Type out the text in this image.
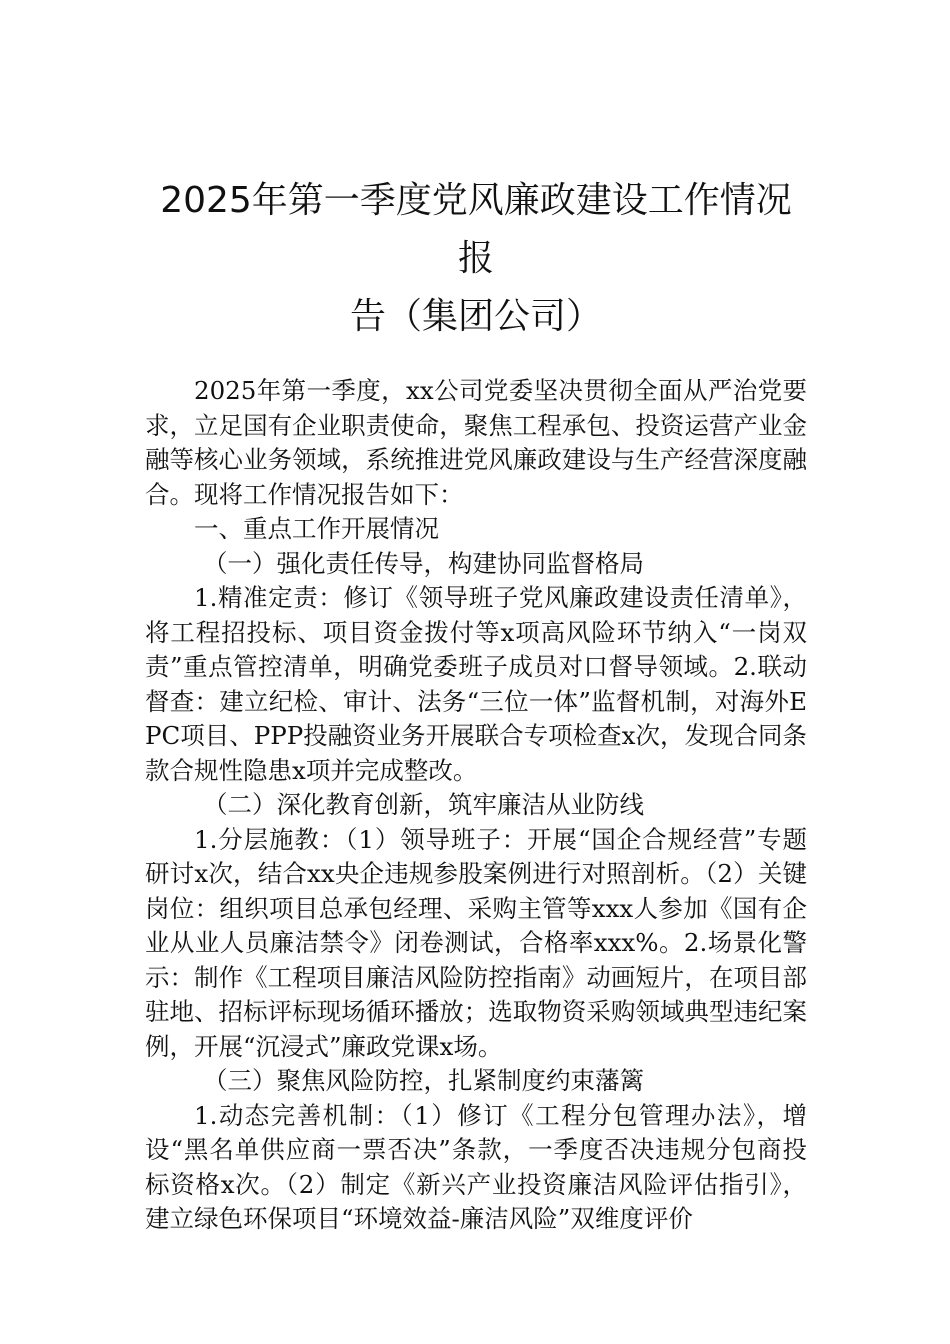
2025年第一季度党风廉政建设工作情况报
告（集团公司）

2025年第一季度，xx公司党委坚决贯彻全面从严治党要求，立足国有企业职责使命，聚焦工程承包、投资运营产业金融等核心业务领域，系统推进党风廉政建设与生产经营深度融合。现将工作情况报告如下：

一、重点工作开展情况

（一）强化责任传导，构建协同监督格局

1.精准定责：修订《领导班子党风廉政建设责任清单》，将工程招投标、项目资金拨付等x项高风险环节纳入“一岗双责”重点管控清单，明确党委班子成员对口督导领域。2.联动督查：建立纪检、审计、法务“三位一体”监督机制，对海外EPC项目、PPP投融资业务开展联合专项检查x次，发现合同条款合规性隐患x项并完成整改。

（二）深化教育创新，筑牢廉洁从业防线

1.分层施教：（1）领导班子：开展“国企合规经营”专题研讨x次，结合xx央企违规参股案例进行对照剖析。（2）关键岗位：组织项目总承包经理、采购主管等xxx人参加《国有企业从业人员廉洁禁令》闭卷测试，合格率xxx%。2.场景化警示：制作《工程项目廉洁风险防控指南》动画短片，在项目部驻地、招标评标现场循环播放；选取物资采购领域典型违纪案例，开展“沉浸式”廉政党课x场。

（三）聚焦风险防控，扎紧制度约束藩篱

1.动态完善机制：（1）修订《工程分包管理办法》，增设“黑名单供应商一票否决”条款，一季度否决违规分包商投标资格x次。（2）制定《新兴产业投资廉洁风险评估指引》，建立绿色环保项目“环境效益-廉洁风险”双维度评价
